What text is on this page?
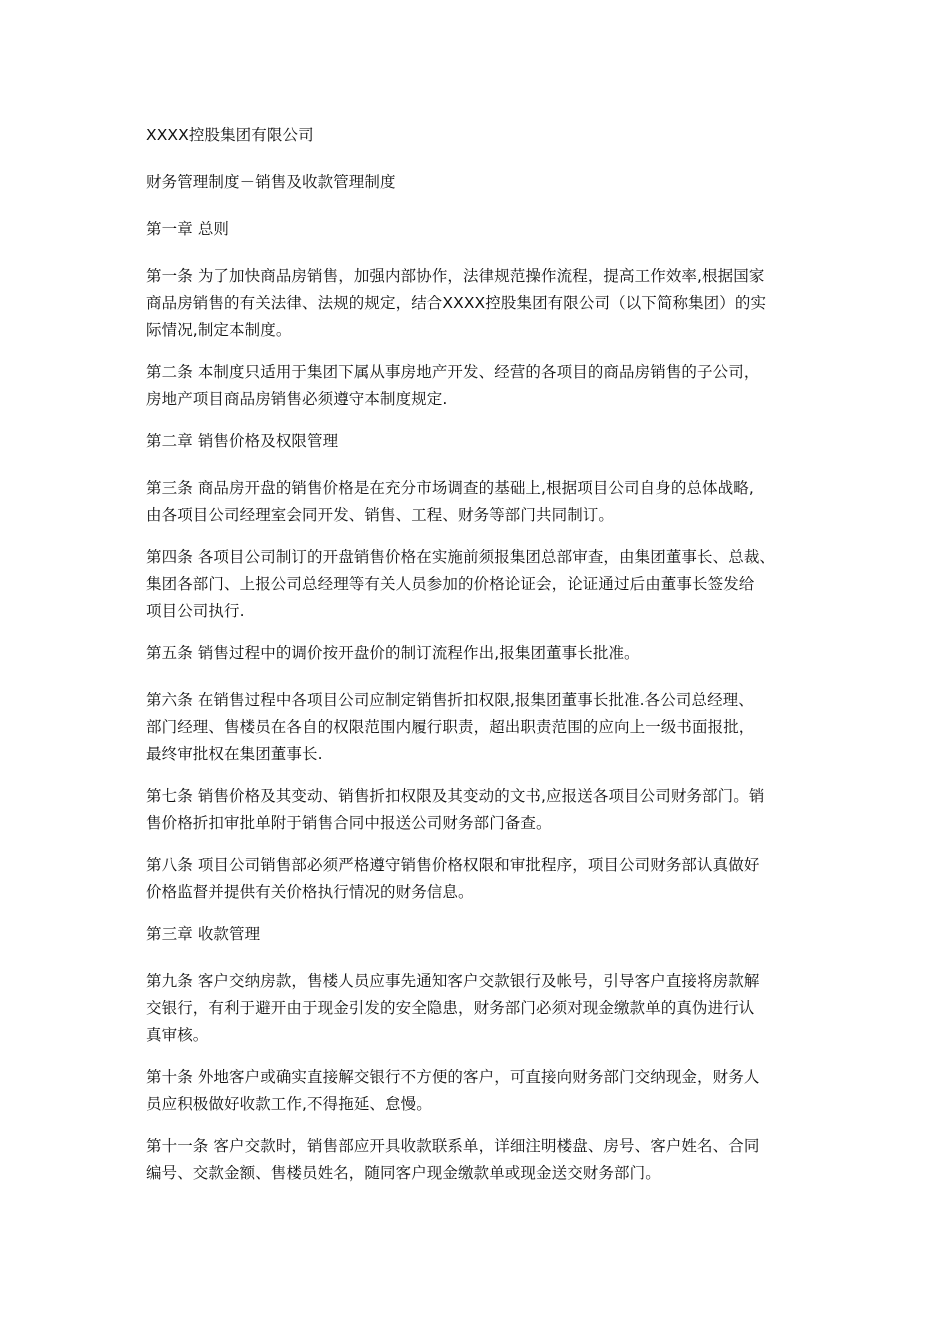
XXXX控股集团有限公司

财务管理制度－销售及收款管理制度

第一章 总则

第一条 为了加快商品房销售，加强内部协作，法律规范操作流程，提高工作效率,根据国家
商品房销售的有关法律、法规的规定，结合XXXX控股集团有限公司（以下简称集团）的实
际情况,制定本制度。

第二条 本制度只适用于集团下属从事房地产开发、经营的各项目的商品房销售的子公司，
房地产项目商品房销售必须遵守本制度规定.

第二章 销售价格及权限管理

第三条 商品房开盘的销售价格是在充分市场调查的基础上,根据项目公司自身的总体战略,
由各项目公司经理室会同开发、销售、工程、财务等部门共同制订。

第四条 各项目公司制订的开盘销售价格在实施前须报集团总部审查，由集团董事长、总裁、
集团各部门、上报公司总经理等有关人员参加的价格论证会，论证通过后由董事长签发给
项目公司执行.

第五条 销售过程中的调价按开盘价的制订流程作出,报集团董事长批准。

第六条 在销售过程中各项目公司应制定销售折扣权限,报集团董事长批准.各公司总经理、
部门经理、售楼员在各自的权限范围内履行职责，超出职责范围的应向上一级书面报批，
最终审批权在集团董事长.

第七条 销售价格及其变动、销售折扣权限及其变动的文书,应报送各项目公司财务部门。销
售价格折扣审批单附于销售合同中报送公司财务部门备查。

第八条 项目公司销售部必须严格遵守销售价格权限和审批程序，项目公司财务部认真做好
价格监督并提供有关价格执行情况的财务信息。

第三章 收款管理

第九条 客户交纳房款，售楼人员应事先通知客户交款银行及帐号，引导客户直接将房款解
交银行，有利于避开由于现金引发的安全隐患，财务部门必须对现金缴款单的真伪进行认
真审核。

第十条 外地客户或确实直接解交银行不方便的客户，可直接向财务部门交纳现金，财务人
员应积极做好收款工作,不得拖延、怠慢。

第十一条 客户交款时，销售部应开具收款联系单，详细注明楼盘、房号、客户姓名、合同
编号、交款金额、售楼员姓名，随同客户现金缴款单或现金送交财务部门。
